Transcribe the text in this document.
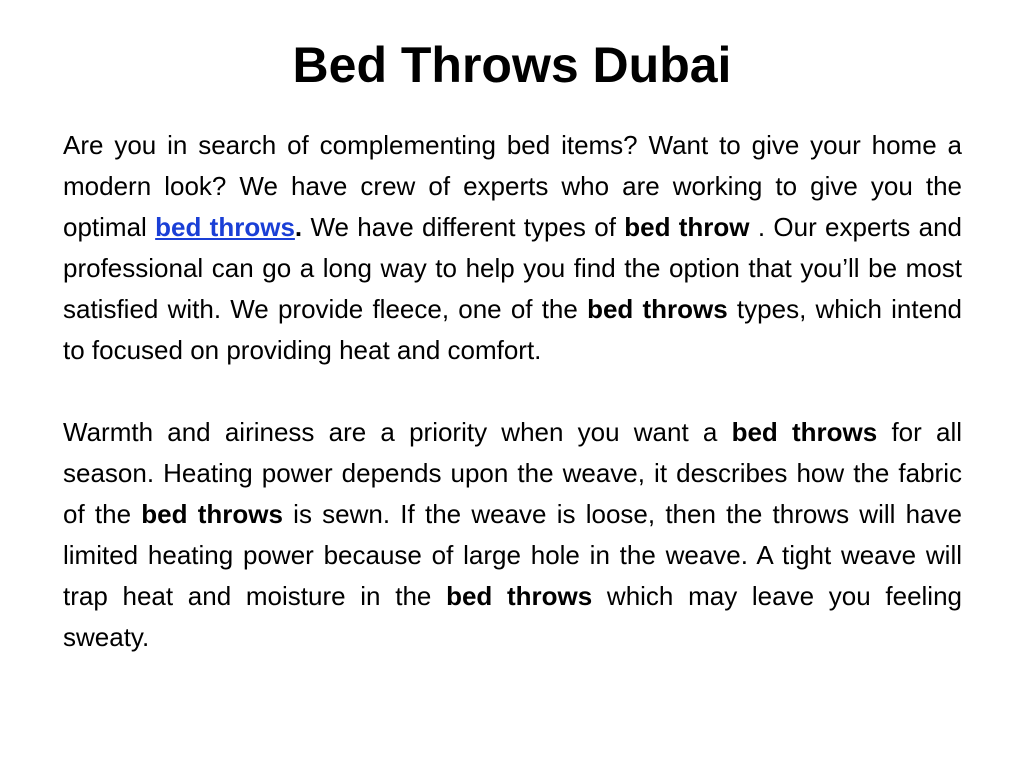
Bed Throws Dubai

Are you in search of complementing bed items? Want to give your home a modern look? We have crew of experts who are working to give you the optimal bed throws. We have different types of bed throw . Our experts and professional can go a long way to help you find the option that you’ll be most satisfied with. We provide fleece, one of the bed throws types, which intend to focused on providing heat and comfort.

Warmth and airiness are a priority when you want a bed throws for all season. Heating power depends upon the weave, it describes how the fabric of the bed throws is sewn. If the weave is loose, then the throws will have limited heating power because of large hole in the weave. A tight weave will trap heat and moisture in the bed throws which may leave you feeling sweaty.
